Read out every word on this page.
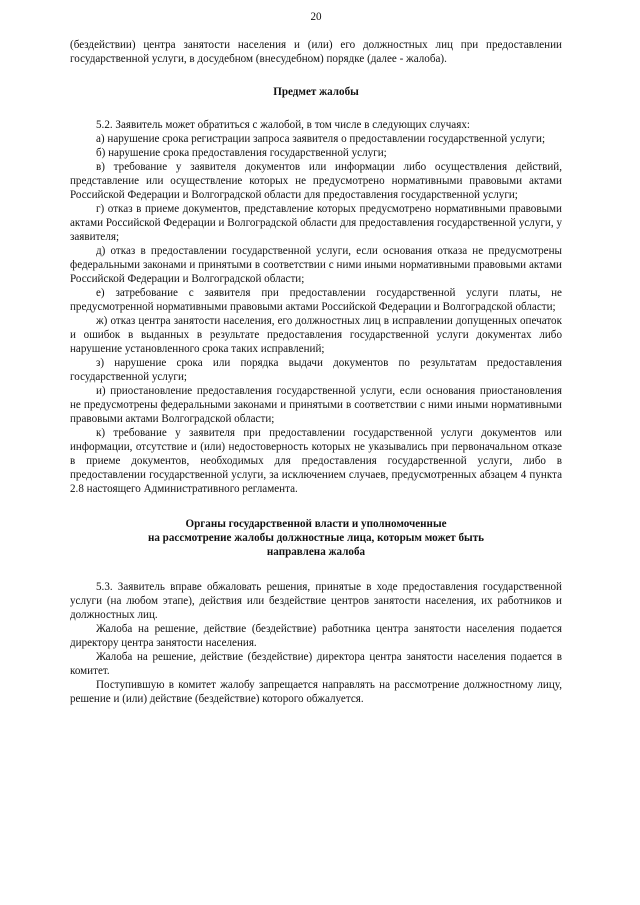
20

(бездействии) центра занятости населения и (или) его должностных лиц при предоставлении государственной услуги, в досудебном (внесудебном) порядке (далее - жалоба).

Предмет жалобы

5.2. Заявитель может обратиться с жалобой, в том числе в следующих случаях:

а) нарушение срока регистрации запроса заявителя о предоставлении государственной услуги;

б) нарушение срока предоставления государственной услуги;

в) требование у заявителя документов или информации либо осуществления действий, представление или осуществление которых не предусмотрено нормативными правовыми актами Российской Федерации и Волгоградской области для предоставления государственной услуги;

г) отказ в приеме документов, представление которых предусмотрено нормативными правовыми актами Российской Федерации и Волгоградской области для предоставления государственной услуги, у заявителя;

д) отказ в предоставлении государственной услуги, если основания отказа не предусмотрены федеральными законами и принятыми в соответствии с ними иными нормативными правовыми актами Российской Федерации и Волгоградской области;

е) затребование с заявителя при предоставлении государственной услуги платы, не предусмотренной нормативными правовыми актами Российской Федерации и Волгоградской области;

ж) отказ центра занятости населения, его должностных лиц в исправлении допущенных опечаток и ошибок в выданных в результате предоставления государственной услуги документах либо нарушение установленного срока таких исправлений;

з) нарушение срока или порядка выдачи документов по результатам предоставления государственной услуги;

и) приостановление предоставления государственной услуги, если основания приостановления не предусмотрены федеральными законами и принятыми в соответствии с ними иными нормативными правовыми актами Волгоградской области;

к) требование у заявителя при предоставлении государственной услуги документов или информации, отсутствие и (или) недостоверность которых не указывались при первоначальном отказе в приеме документов, необходимых для предоставления государственной услуги, либо в предоставлении государственной услуги, за исключением случаев, предусмотренных абзацем 4 пункта 2.8 настоящего Административного регламента.

Органы государственной власти и уполномоченные
на рассмотрение жалобы должностные лица, которым может быть
направлена жалоба

5.3. Заявитель вправе обжаловать решения, принятые в ходе предоставления государственной услуги (на любом этапе), действия или бездействие центров занятости населения, их работников и должностных лиц.

Жалоба на решение, действие (бездействие) работника центра занятости населения подается директору центра занятости населения.

Жалоба на решение, действие (бездействие) директора центра занятости населения подается в комитет.

Поступившую в комитет жалобу запрещается направлять на рассмотрение должностному лицу, решение и (или) действие (бездействие) которого обжалуется.
